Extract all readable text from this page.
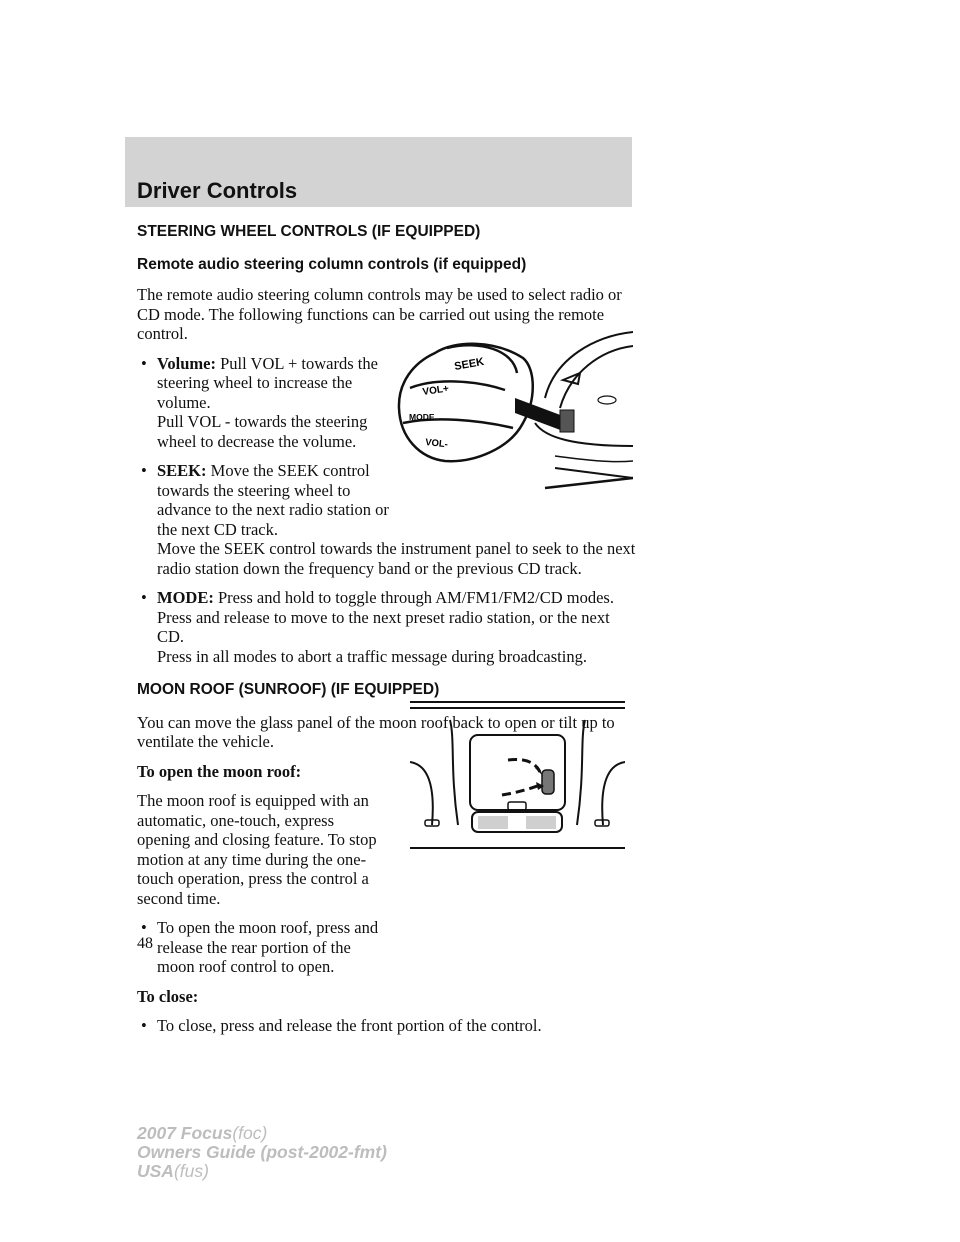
Driver Controls
STEERING WHEEL CONTROLS (IF EQUIPPED)
Remote audio steering column controls (if equipped)

The remote audio steering column controls may be used to select radio or CD mode. The following functions can be carried out using the remote control.

• Volume: Pull VOL + towards the steering wheel to increase the volume.
Pull VOL - towards the steering wheel to decrease the volume.
• SEEK: Move the SEEK control towards the steering wheel to advance to the next radio station or the next CD track.
Move the SEEK control towards the instrument panel to seek to the next radio station down the frequency band or the previous CD track.
• MODE: Press and hold to toggle through AM/FM1/FM2/CD modes.
Press and release to move to the next preset radio station, or the next CD.
Press in all modes to abort a traffic message during broadcasting.
MOON ROOF (SUNROOF) (IF EQUIPPED)

You can move the glass panel of the moon roof back to open or tilt up to ventilate the vehicle.

To open the moon roof:

The moon roof is equipped with an automatic, one-touch, express opening and closing feature. To stop motion at any time during the one-touch operation, press the control a second time.

• To open the moon roof, press and release the rear portion of the moon roof control to open.

To close:

• To close, press and release the front portion of the control.
SEEK
VOL+
MODE
VOL-
48
2007 Focus(foc)
Owners Guide (post-2002-fmt)
USA(fus)
